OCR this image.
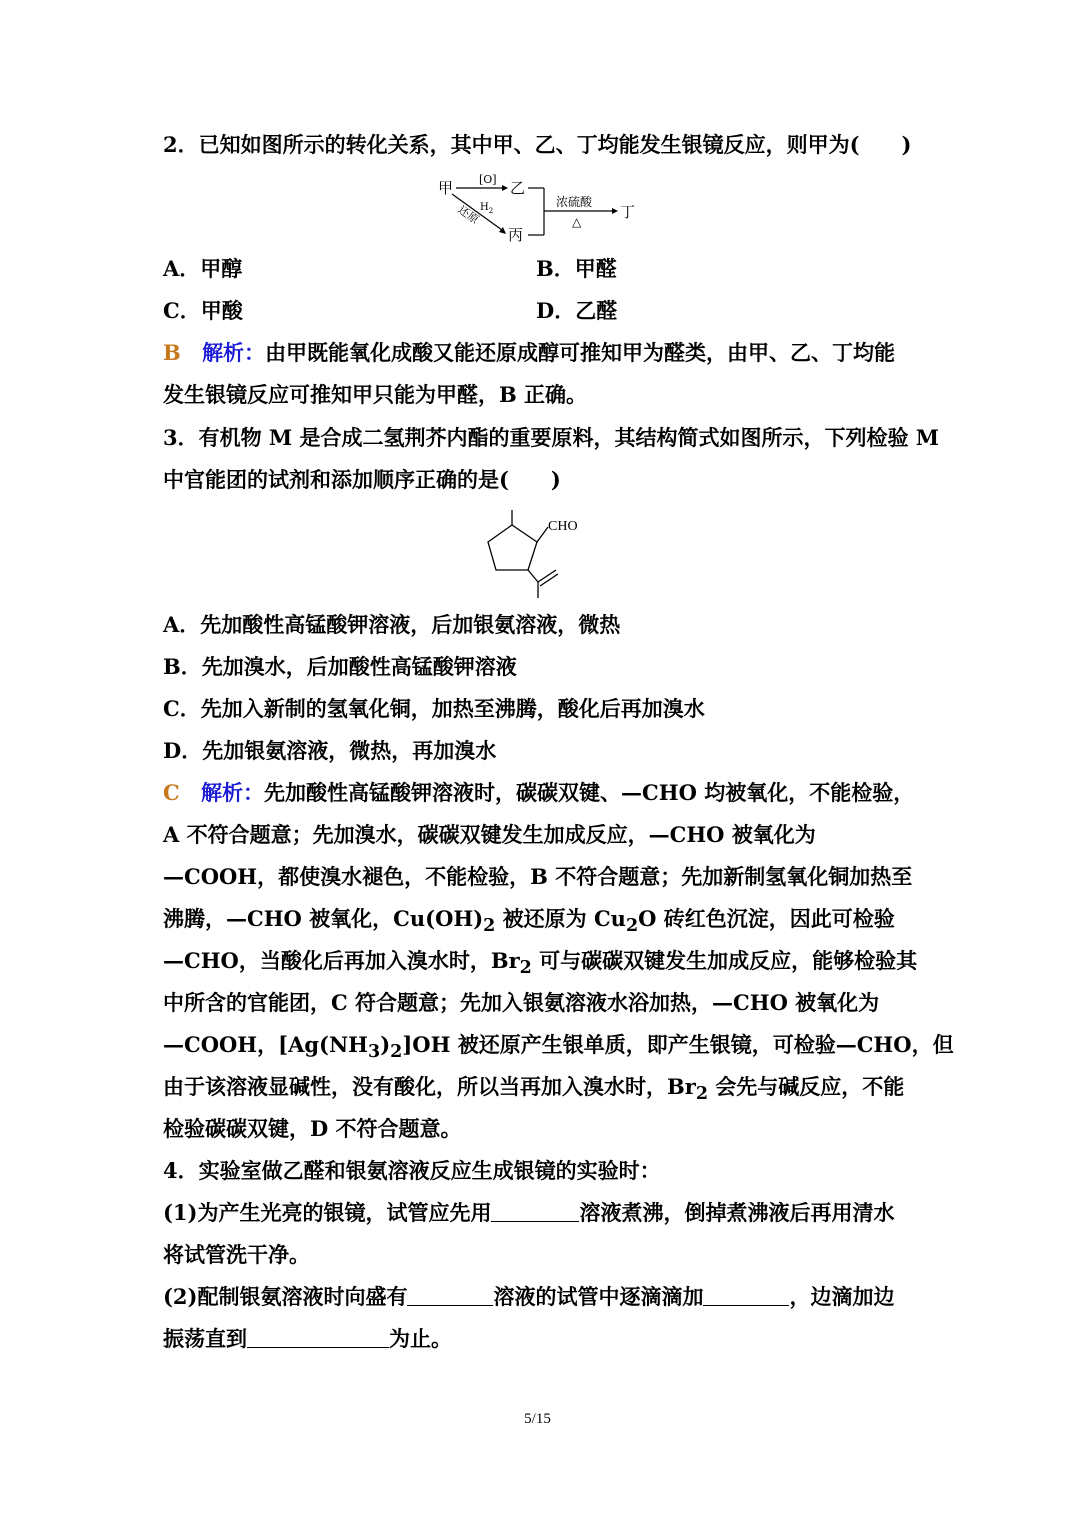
2．已知如图所示的转化关系，其中甲、乙、丁均能发生银镜反应，则甲为(　　)
甲 [O] 乙
$H_2$
还原
丙
浓硫酸
△
丁
A．甲醇	B．甲醛
C．甲酸	D．乙醛
B 解析：由甲既能氧化成酸又能还原成醇可推知甲为醛类，由甲、乙、丁均能
发生银镜反应可推知甲只能为甲醛，B 正确。
3．有机物 M 是合成二氢荆芥内酯的重要原料，其结构简式如图所示，下列检验 M
中官能团的试剂和添加顺序正确的是(　　)
CHO
A．先加酸性高锰酸钾溶液，后加银氨溶液，微热
B．先加溴水，后加酸性高锰酸钾溶液
C．先加入新制的氢氧化铜，加热至沸腾，酸化后再加溴水
D．先加银氨溶液，微热，再加溴水
C 解析：先加酸性高锰酸钾溶液时，碳碳双键、—CHO 均被氧化，不能检验，
A 不符合题意；先加溴水，碳碳双键发生加成反应，—CHO 被氧化为
—COOH，都使溴水褪色，不能检验，B 不符合题意；先加新制氢氧化铜加热至
沸腾，—CHO 被氧化，$Cu(OH)_2$ 被还原为 $Cu_2O$ 砖红色沉淀，因此可检验
—CHO，当酸化后再加入溴水时，$Br_2$ 可与碳碳双键发生加成反应，能够检验其
中所含的官能团，C 符合题意；先加入银氨溶液水浴加热，—CHO 被氧化为
—COOH，$[Ag(NH_3)_2]OH$ 被还原产生银单质，即产生银镜，可检验—CHO，但
由于该溶液显碱性，没有酸化，所以当再加入溴水时，$Br_2$ 会先与碱反应，不能
检验碳碳双键，D 不符合题意。
4．实验室做乙醛和银氨溶液反应生成银镜的实验时：
(1)为产生光亮的银镜，试管应先用	溶液煮沸，倒掉煮沸液后再用清水
将试管洗干净。
(2)配制银氨溶液时向盛有	溶液的试管中逐滴滴加	，边滴加边
振荡直到	为止。
5/15
